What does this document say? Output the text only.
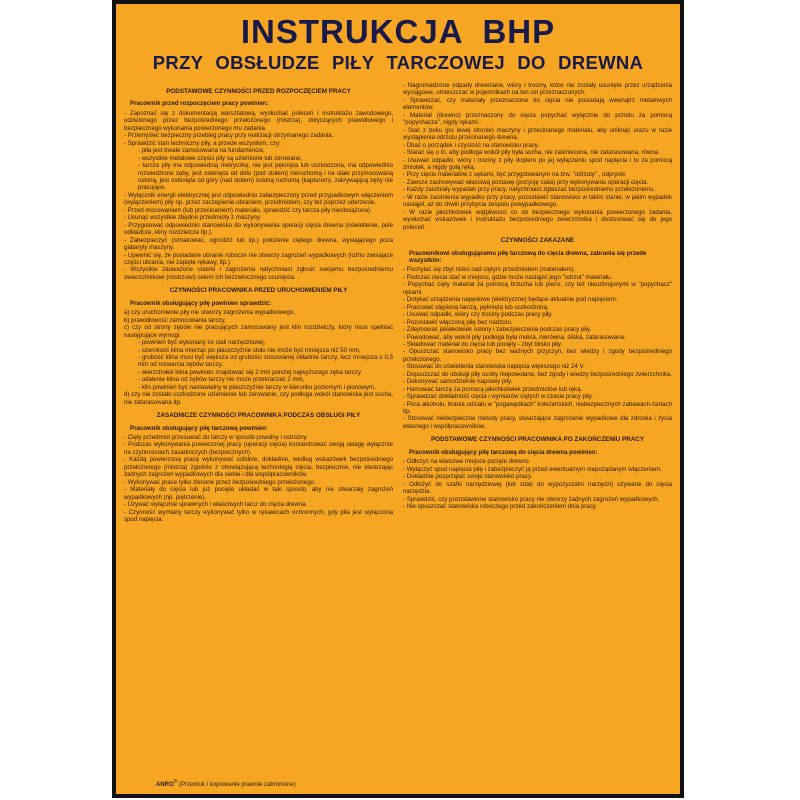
INSTRUKCJA BHP
PRZY OBSŁUDZE PIŁY TARCZOWEJ DO DREWNA
PODSTAWOWE CZYNNOŚCI PRZED ROZPOCZĘCIEM PRACY
Pracownik przed rozpoczęciem pracy powinien:
- Zapoznać się z dokumentacją warsztatową, wysłuchać poleceń i instruktażu zawodowego, udzielonego przez bezpośredniego przełożonego (mistrza), dotyczących prawidłowego i bezpiecznego wykonania powierzonego mu zadania.
- Przemyśleć bezpieczny przebieg pracy przy realizacji otrzymanego zadania.
- Sprawdzić stan techniczny piły, a przede wszystkim, czy:
- piła jest trwale zamocowana na fundamencie,
- wszystkie metalowe części piły są uziemione lub zerowane,
- tarcza piły ma odpowiednią metryczkę, nie jest pęknięta lub uszkodzona, ma odpowiednio rozwiedzione zęby, jest osłonięta od dołu (pod stołem) nieruchomą i na stałe przymocowaną osłoną, jest osłonięta od góry (nad stołem) osłoną ruchomą (kapturem), zakrywającą zęby nie pracujące.
- Wyłącznik energii elektrycznej jest odpowiednio zabezpieczony przed przypadkowym włączeniem (wyłączeniem) piły np. przez zaczepienie ubraniem, przedmiotem, czy też poprzez uderzenie.
- Przed mocowaniem (lub przecinaniem) materiału, sprawdzić czy tarcza piły nieobciążona).
- Usunąć wszystkie zbędne przedmioty z maszyny.
- Przygotować odpowiednio stanowisko do wykonywania operacji cięcia drewna (oświetlenie, pole odkładcze, kliny rozdzielcze itp.).
- Zabezpieczyć (oznakować, ogrodzić lub itp.) położenie ciętego drewna, wystającego poza gabaryty maszyny.
- Upewnić się, że posiadane ubranie robocze nie stworzy zagrożeń wypadkowych (luźno zwisające części ubrania, nie zapięte rękawy, itp.).
- Wszystkie zauważone usterki i zagrożenia natychmiast zgłosić swojemu bezpośredniemu zwierzchnikowi (mistrzowi) celem ich bezzwłocznego usunięcia.
CZYNNOŚCI PRACOWNIKA PRZED URUCHOMIENIEM PIŁY
Pracownik obsługujący piłę powinien sprawdzić:
a) czy uruchomienie piły nie stworzy zagrożenia wypadkowego,
b) prawidłowość zamocowania tarczy,
c) czy od strony zębów nie pracujących zamocowany jest klin rozdzielczy, który musi spełniać następujące wymogi:
- powinien być wykonany ze stali narzędziowej,
- szerokość klina mierząc po płaszczyźnie stołu nie może być mniejsza niż 50 mm,
- grubość klina musi być większa od grubości stosowanej okładnie tarczy, lecz mniejsza o 0,5 mm od rozwarcia zębów tarczy,
- wierzchołek klina powinien znajdować się 2 mm poniżej najwyższego zęba tarczy
- odalenie klina od zębów tarczy nie może przekraczać 2 mm,
- klin powinien być nastawialny w płaszczyźnie tarczy w kierunku poziomym i pionowym,
d) czy nie zostało uszkodzone uziemienie lub zerowanie, czy podłoga wokół stanowiska jest sucha, nie zatarasowana itp.
ZASADNICZE CZYNNOŚCI PRACOWNIKA PODCZAS OBSŁUGI PIŁY
Pracownik obsługujący piłę tarczową powinien:
- Cięty przedmiot przesuwać do tarczy w sposób powolny i ostrożny.
- Podczas wykonywania powierzonej pracy (operacji cięcia) koncentrować swoją uwagę wyłącznie na czynnościach zasadniczych (bezpiecznych).
- Każdą powierzoną pracę wykonywać solidnie, dokładnie, według wskazówek bezpośredniego przełożonego (mistrza) zgodnie z obowiązującą technologią cięcia, bezpiecznie, nie stwarzając żadnych zagrożeń wypadkowych dla siebie i dla współpracowników.
- Wykonywać prace tylko zlecone przez bezpośredniego przełożonego.
- Materiały do cięcia lub już pocięte układać w taki sposób, aby nie stwarzały zagrożeń wypadkowych (np. piętrzenie).
- Używać wyłącznie sprawnych i właściwych tarcz do cięcia drewna.
- Czynność wymiany tarczy wykonywać tylko w rękawicach ochronnych, gdy piła jest wyłączona spod napięcia.
- Nagromadzone odpady drewniane, wióry i trociny, które nie zostały usunięte przez urządzenia wyciągowe, umieszczać w pojemnikach na ten cel przeznaczonych.
- Sprawdzać, czy materiały przeznaczone do cięcia nie posiadają wewnątrz metalowych elementów.
- Materiał (drewno) przeznaczony do cięcia popychać wyłącznie do przodu za pomocą "popychacza", nigdy rękami.
- Stać z boku (po lewej stronie) maszyny i przecinanego materiału, aby uniknąć urazu w razie wystąpienia odrzutu przecinanego drewna.
- Dbać o porządek i czystość na stanowisku pracy.
- Starać się o to, aby podłoga wokół piły była sucha, nie zaśmiecona, nie zatarasowana, równa.
- Usuwać odpadki, wióry i trociny z piły dopiero po jej wyłączeniu spod napięcia i to za pomocą zmiotek, a nigdy gołą ręką.
- Przy cięciu materiałów z sękami, być przygotowanym na tzw. "odrzuty" , odpryski.
- Zawsze zachowywać właściwą postawę (pozycję ciała) przy wykonywaniu operacji cięcia.
- Każdy zaistniały wypadek przy pracy, natychmiast zgłaszać bezpośredniemu przełożonemu.
- W razie zaistnienia wypadku przy pracy, pozostawić stanowisko w takim stanie, w jakim wypadek nastąpił, aż do chwili przybycia zespołu powypadkowego.
- W razie jakichkolwiek wątpliwości co do bezpiecznego wykonania powierzonego zadania, wysłuchać wskazówek i instruktażu bezpośredniego zwierzchnika i dostosować się do jego poleceń.
CZYNNOŚCI ZAKAZANE
Pracownikowi obsługującemu piłę tarczową do cięcia drewna, zabrania się przede wszystkim:
- Pochylać się zbyt nisko nad ciętym przedmiotem (materiałem).
- Podczas cięcia stać w miejscu, gdzie może nastąpić jego "odrzut" materiału.
- Popychać cięty materiał za pomocą brzucha lub piersi, czy też nieuzbrojonymi w "popychacz" rękami.
- Dotykać urządzenia napędowe (elektryczne) będące aktualnie pod napięciem.
- Pracować stępioną tarczą, pękniętą lub uszkodzoną.
- Usuwać odpadki, wióry czy trociny podczas pracy piły.
- Pozostawić włączoną piłę bez nadzoru.
- Zdejmować jakiekolwiek osłony i zabezpieczenia podczas pracy piły.
- Powodować, aby wokół piły podłoga była mokra, nierówna, śliska, zatarasowana.
- Składować materiał do cięcia lub pocięty - zbyt blisko piły.
- Opuszczać stanowisko pracy bez ważnych przyczyn, bez wiedzy i zgody bezpośredniego przełożonego.
- Stosować do oświetlenia stanowiska napięcia większego niż 24 V.
- Dopuszczać do obsługi piły osoby niepowołane, bez zgody i wiedzy bezpośredniego zwierzchnika.
- Dokonywać samodzielnie naprawy piły.
- Hamować tarczę za pomocą jakichkolwiek przedmiotów lub ręką.
- Sprawdzać dokładność cięcia i wymiarów ciętych w czasie pracy piły.
- Picia alkoholu, brania udziału w "pogawędkach" koleżeńskich, niebezpiecznych zabawach-żartach itp.
- Stosować niebezpieczne metody pracy, stwarzające zagrożenie wypadkowe dla zdrowia i życia własnego i współpracowników.
PODSTAWOWE CZYNNOŚCI PRACOWNIKA PO ZAKOŃCZENIU PRACY
Pracownik obsługujący piłę tarczową do cięcia drewna powinien:
- Odłożyć na właściwe miejsce pocięte drewno.
- Wyłączyć spod napięcia piłę i zabezpieczyć ją przed ewentualnym niepożądanym włączeniem.
- Dokładnie posprzątać swoje stanowisko pracy.
- Odłożyć do szafki narzędziowej (lub zdać do wypożyczalni narzędzi) używane do cięcia narzędzia.
- Sprawdzić, czy pozostawione stanowisko pracy nie stworzy żadnych zagrożeń wypadkowych.
- Nie opuszczać stanowiska roboczego przed zakończeniem dnia pracy.
ANRO® (Przedruk i kopiowanie prawnie zabronione)
